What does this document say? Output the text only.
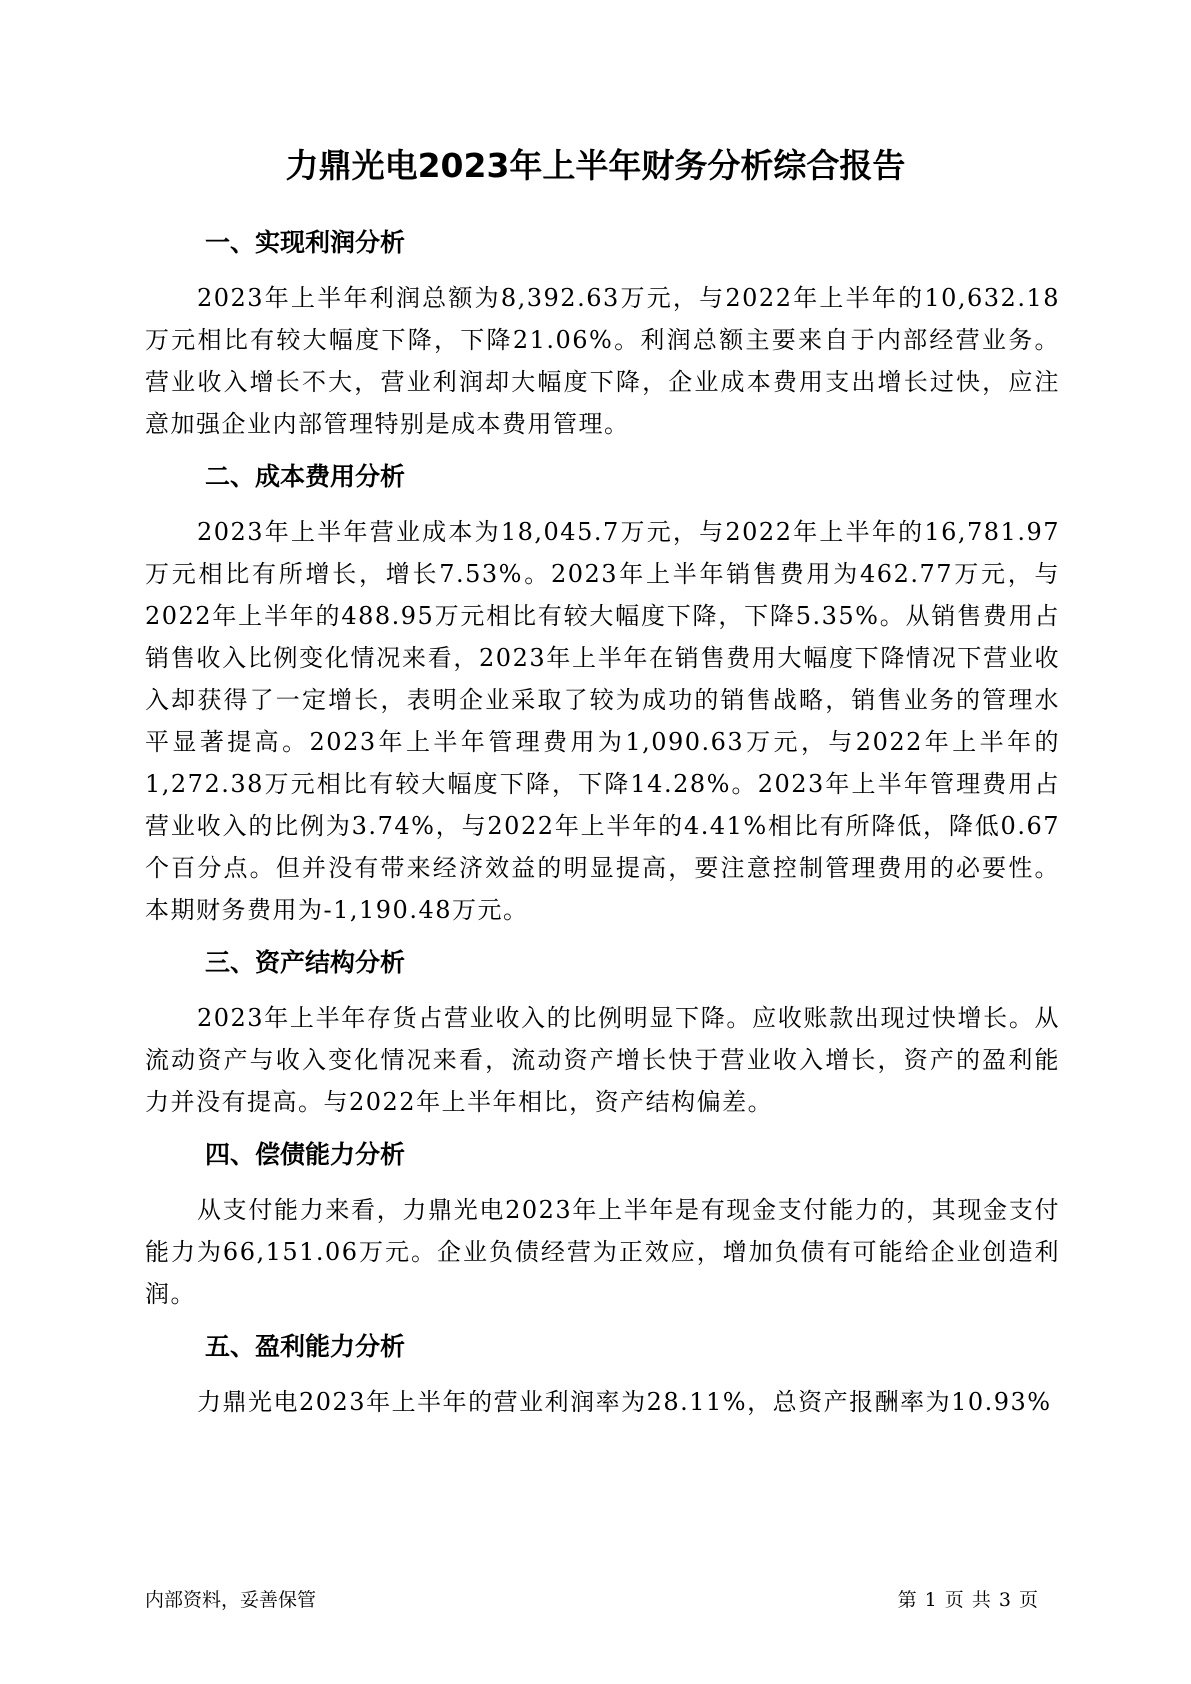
力鼎光电2023年上半年财务分析综合报告
一、实现利润分析

2023年上半年利润总额为8,392.63万元，与2022年上半年的10,632.18万元相比有较大幅度下降，下降21.06%。利润总额主要来自于内部经营业务。营业收入增长不大，营业利润却大幅度下降，企业成本费用支出增长过快，应注意加强企业内部管理特别是成本费用管理。

二、成本费用分析

2023年上半年营业成本为18,045.7万元，与2022年上半年的16,781.97万元相比有所增长，增长7.53%。2023年上半年销售费用为462.77万元，与2022年上半年的488.95万元相比有较大幅度下降，下降5.35%。从销售费用占销售收入比例变化情况来看，2023年上半年在销售费用大幅度下降情况下营业收入却获得了一定增长，表明企业采取了较为成功的销售战略，销售业务的管理水平显著提高。2023年上半年管理费用为1,090.63万元，与2022年上半年的1,272.38万元相比有较大幅度下降，下降14.28%。2023年上半年管理费用占营业收入的比例为3.74%，与2022年上半年的4.41%相比有所降低，降低0.67个百分点。但并没有带来经济效益的明显提高，要注意控制管理费用的必要性。本期财务费用为-1,190.48万元。

三、资产结构分析

2023年上半年存货占营业收入的比例明显下降。应收账款出现过快增长。从流动资产与收入变化情况来看，流动资产增长快于营业收入增长，资产的盈利能力并没有提高。与2022年上半年相比，资产结构偏差。

四、偿债能力分析

从支付能力来看，力鼎光电2023年上半年是有现金支付能力的，其现金支付能力为66,151.06万元。企业负债经营为正效应，增加负债有可能给企业创造利润。

五、盈利能力分析

力鼎光电2023年上半年的营业利润率为28.11%，总资产报酬率为10.93%

内部资料，妥善保管	第 1 页 共 3 页
